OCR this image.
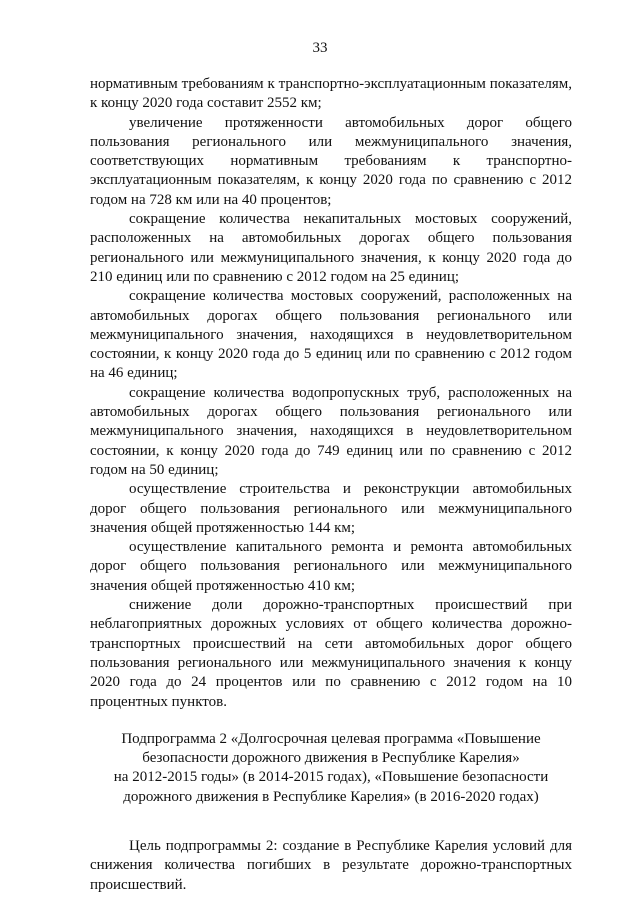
33

нормативным требованиям к транспортно-эксплуатационным показателям, к концу 2020 года составит 2552 км;

увеличение протяженности автомобильных дорог общего пользования регионального или межмуниципального значения, соответствующих нормативным требованиям к транспортно-эксплуатационным показателям, к концу 2020 года по сравнению с 2012 годом на 728 км или на 40 процентов;

сокращение количества некапитальных мостовых сооружений, расположенных на автомобильных дорогах общего пользования регионального или межмуниципального значения, к концу 2020 года до 210 единиц или по сравнению с 2012 годом на 25 единиц;

сокращение количества мостовых сооружений, расположенных на автомобильных дорогах общего пользования регионального или межмуниципального значения, находящихся в неудовлетворительном состоянии, к концу 2020 года до 5 единиц или по сравнению с 2012 годом на 46 единиц;

сокращение количества водопропускных труб, расположенных на автомобильных дорогах общего пользования регионального или межмуниципального значения, находящихся в неудовлетворительном состоянии, к концу 2020 года до 749 единиц или по сравнению с 2012 годом на 50 единиц;

осуществление строительства и реконструкции автомобильных дорог общего пользования регионального или межмуниципального значения общей протяженностью 144 км;

осуществление капитального ремонта и ремонта автомобильных дорог общего пользования регионального или межмуниципального значения общей протяженностью 410 км;

снижение доли дорожно-транспортных происшествий при неблагоприятных дорожных условиях от общего количества дорожно-транспортных происшествий на сети автомобильных дорог общего пользования регионального или межмуниципального значения к концу 2020 года до 24 процентов или по сравнению с 2012 годом на 10 процентных пунктов.

Подпрограмма 2 «Долгосрочная целевая программа «Повышение
безопасности дорожного движения в Республике Карелия»
на 2012-2015 годы» (в 2014-2015 годах), «Повышение безопасности
дорожного движения в Республике Карелия» (в 2016-2020 годах)

Цель подпрограммы 2: создание в Республике Карелия условий для снижения количества погибших в результате дорожно-транспортных происшествий.
